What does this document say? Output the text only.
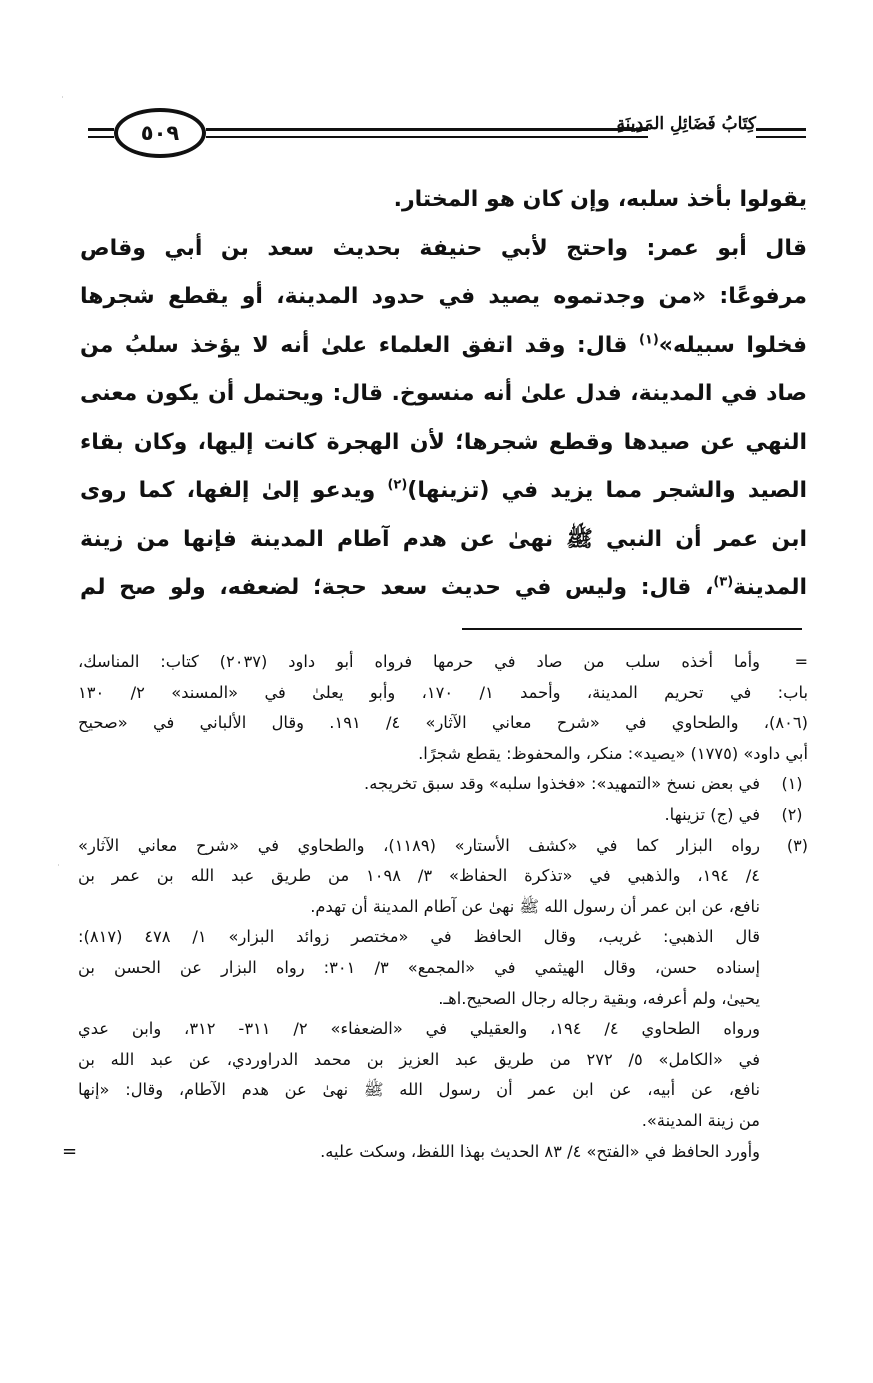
٥٠٩	كِتَابُ فَضَائِلِ المَدِينَةِ
يقولوا بأخذ سلبه، وإن كان هو المختار.
قال أبو عمر: واحتج لأبي حنيفة بحديث سعد بن أبي وقاص
مرفوعًا: «من وجدتموه يصيد في حدود المدينة، أو يقطع شجرها
فخلوا سبيله»$^{(١)}$ قال: وقد اتفق العلماء علىٰ أنه لا يؤخذ سلبُ من
صاد في المدينة، فدل علىٰ أنه منسوخ. قال: ويحتمل أن يكون معنى
النهي عن صيدها وقطع شجرها؛ لأن الهجرة كانت إليها، وكان بقاء
الصيد والشجر مما يزيد في (تزينها)$^{(٢)}$ ويدعو إلىٰ إلفها، كما روى
ابن عمر أن النبي ﷺ نهىٰ عن هدم آطام المدينة فإنها من زينة
المدينة$^{(٣)}$، قال: وليس في حديث سعد حجة؛ لضعفه، ولو صح لم
=
وأما أخذه سلب من صاد في حرمها فرواه أبو داود (٢٠٣٧) كتاب: المناسك،
باب: في تحريم المدينة، وأحمد ١/ ١٧٠، وأبو يعلىٰ في «المسند» ٢/ ١٣٠
(٨٠٦)، والطحاوي في «شرح معاني الآثار» ٤/ ١٩١. وقال الألباني في «صحيح
أبي داود» (١٧٧٥) «يصيد»: منكر، والمحفوظ: يقطع شجرًا.
(١)
في بعض نسخ «التمهيد»: «فخذوا سلبه» وقد سبق تخريجه.
(٢)
في (ج) تزينها.
(٣)
رواه البزار كما في «كشف الأستار» (١١٨٩)، والطحاوي في «شرح معاني الآثار»
٤/ ١٩٤، والذهبي في «تذكرة الحفاظ» ٣/ ١٠٩٨ من طريق عبد الله بن عمر بن
نافع، عن ابن عمر أن رسول الله ﷺ نهىٰ عن آطام المدينة أن تهدم.
قال الذهبي: غريب، وقال الحافظ في «مختصر زوائد البزار» ١/ ٤٧٨ (٨١٧):
إسناده حسن، وقال الهيثمي في «المجمع» ٣/ ٣٠١: رواه البزار عن الحسن بن
يحيىٰ، ولم أعرفه، وبقية رجاله رجال الصحيح.اهـ.
ورواه الطحاوي ٤/ ١٩٤، والعقيلي في «الضعفاء» ٢/ ٣١١- ٣١٢، وابن عدي
في «الكامل» ٥/ ٢٧٢ من طريق عبد العزيز بن محمد الدراوردي، عن عبد الله بن
نافع، عن أبيه، عن ابن عمر أن رسول الله ﷺ نهىٰ عن هدم الآطام، وقال: «إنها
من زينة المدينة».
وأورد الحافظ في «الفتح» ٤/ ٨٣ الحديث بهذا اللفظ، وسكت عليه.
=
